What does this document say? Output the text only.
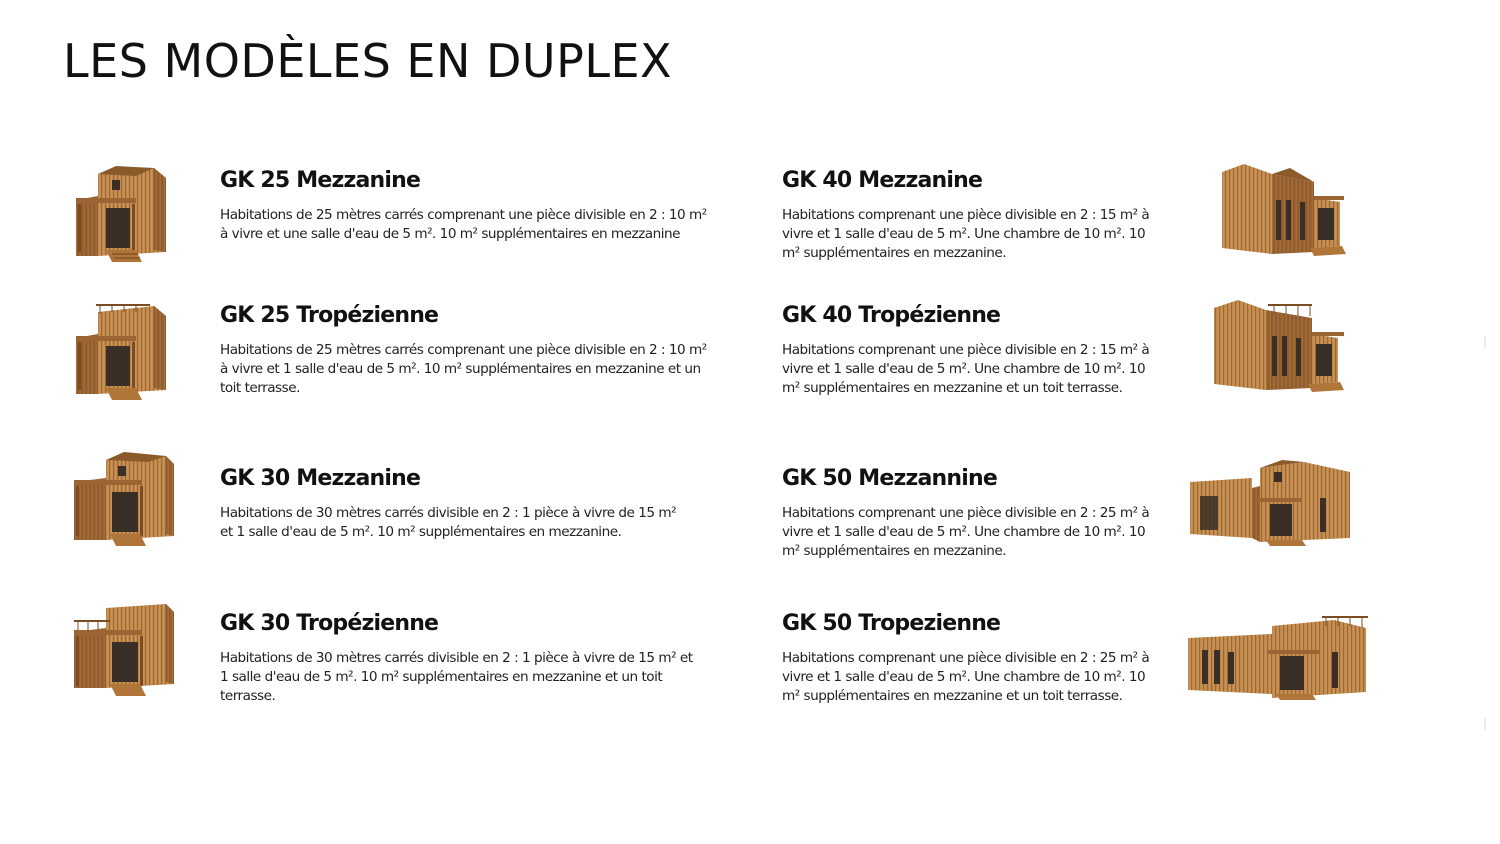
LES MODÈLES EN DUPLEX
GK 25 Mezzanine

Habitations de 25 mètres carrés comprenant une pièce divisible en 2 : 10 m² à vivre et une salle d'eau de 5 m². 10 m² supplémentaires en mezzanine

GK 25 Tropézienne

Habitations de 25 mètres carrés comprenant une pièce divisible en 2 : 10 m² à vivre et 1 salle d'eau de 5 m². 10 m² supplémentaires en mezzanine et un toit terrasse.

GK 30 Mezzanine

Habitations de 30 mètres carrés divisible en 2 : 1 pièce à vivre de 15 m² et 1 salle d'eau de 5 m². 10 m² supplémentaires en mezzanine.

GK 30 Tropézienne

Habitations de 30 mètres carrés divisible en 2 : 1 pièce à vivre de 15 m² et 1 salle d'eau de 5 m². 10 m² supplémentaires en mezzanine et un toit terrasse.

GK 40 Mezzanine

Habitations comprenant une pièce divisible en 2 : 15 m² à vivre et 1 salle d'eau de 5 m². Une chambre de 10 m². 10 m² supplémentaires en mezzanine.

GK 40 Tropézienne

Habitations comprenant une pièce divisible en 2 : 15 m² à vivre et 1 salle d'eau de 5 m². Une chambre de 10 m². 10 m² supplémentaires en mezzanine et un toit terrasse.

GK 50 Mezzannine

Habitations comprenant une pièce divisible en 2 : 25 m² à vivre et 1 salle d'eau de 5 m². Une chambre de 10 m². 10 m² supplémentaires en mezzanine.

GK 50 Tropezienne

Habitations comprenant une pièce divisible en 2 : 25 m² à vivre et 1 salle d'eau de 5 m². Une chambre de 10 m². 10 m² supplémentaires en mezzanine et un toit terrasse.
